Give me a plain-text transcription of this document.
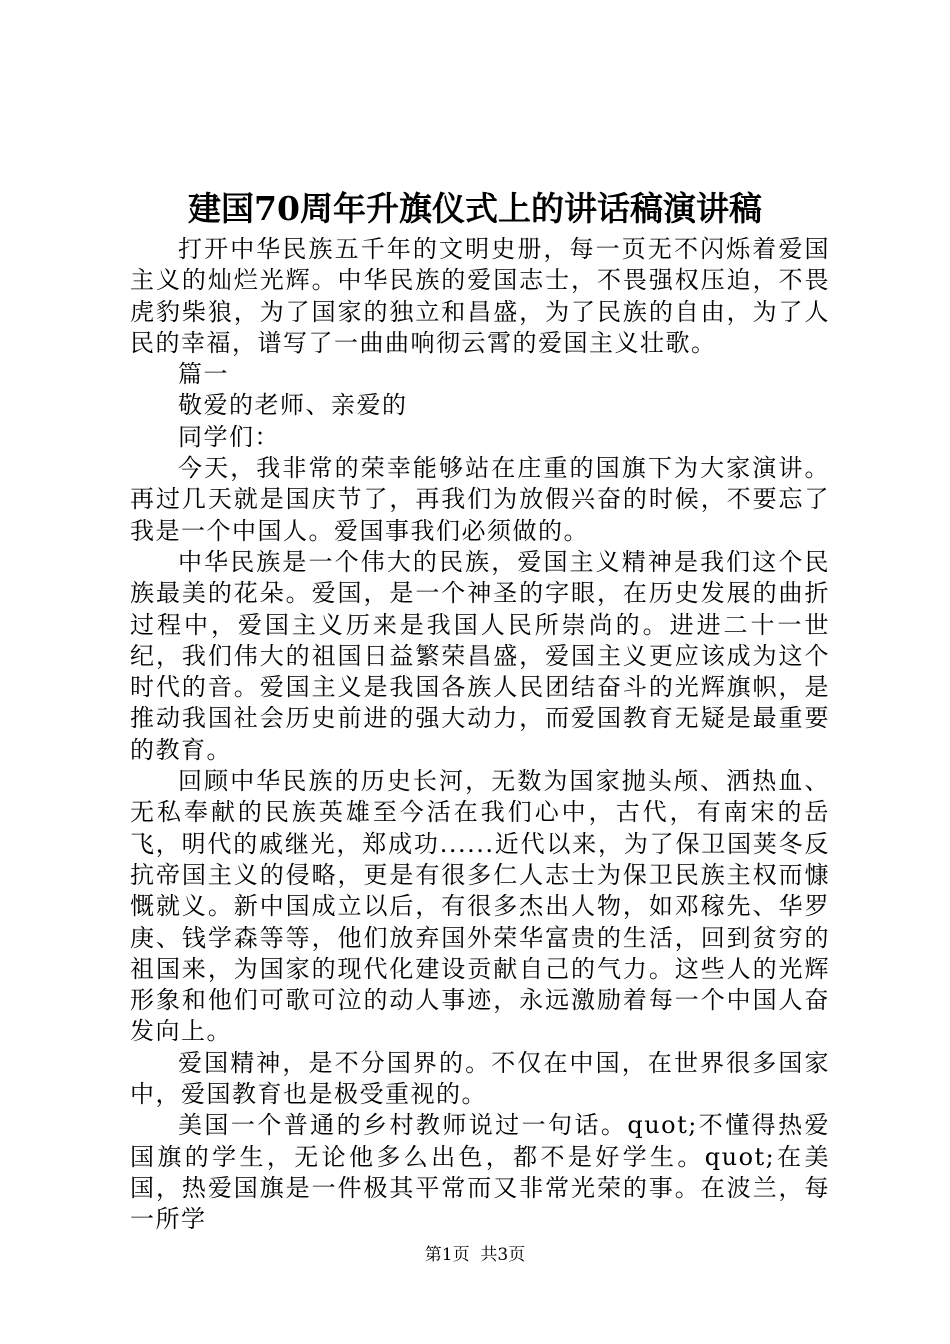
建国70周年升旗仪式上的讲话稿演讲稿

打开中华民族五千年的文明史册，每一页无不闪烁着爱国主义的灿烂光辉。中华民族的爱国志士，不畏强权压迫，不畏虎豹柴狼，为了国家的独立和昌盛，为了民族的自由，为了人民的幸福，谱写了一曲曲响彻云霄的爱国主义壮歌。

篇一

敬爱的老师、亲爱的

同学们：

今天，我非常的荣幸能够站在庄重的国旗下为大家演讲。再过几天就是国庆节了，再我们为放假兴奋的时候，不要忘了我是一个中国人。爱国事我们必须做的。

中华民族是一个伟大的民族，爱国主义精神是我们这个民族最美的花朵。爱国，是一个神圣的字眼，在历史发展的曲折过程中，爱国主义历来是我国人民所崇尚的。进进二十一世纪，我们伟大的祖国日益繁荣昌盛，爱国主义更应该成为这个时代的音。爱国主义是我国各族人民团结奋斗的光辉旗帜，是推动我国社会历史前进的强大动力，而爱国教育无疑是最重要的教育。

回顾中华民族的历史长河，无数为国家抛头颅、洒热血、无私奉献的民族英雄至今活在我们心中，古代，有南宋的岳飞，明代的戚继光，郑成功......近代以来，为了保卫国荚冬反抗帝国主义的侵略，更是有很多仁人志士为保卫民族主权而慷慨就义。新中国成立以后，有很多杰出人物，如邓稼先、华罗庚、钱学森等等，他们放弃国外荣华富贵的生活，回到贫穷的祖国来，为国家的现代化建设贡献自己的气力。这些人的光辉形象和他们可歌可泣的动人事迹，永远激励着每一个中国人奋发向上。

爱国精神，是不分国界的。不仅在中国，在世界很多国家中，爱国教育也是极受重视的。

美国一个普通的乡村教师说过一句话。quot;不懂得热爱国旗的学生，无论他多么出色，都不是好学生。quot;在美国，热爱国旗是一件极其平常而又非常光荣的事。在波兰，每一所学

第1页 共3页
